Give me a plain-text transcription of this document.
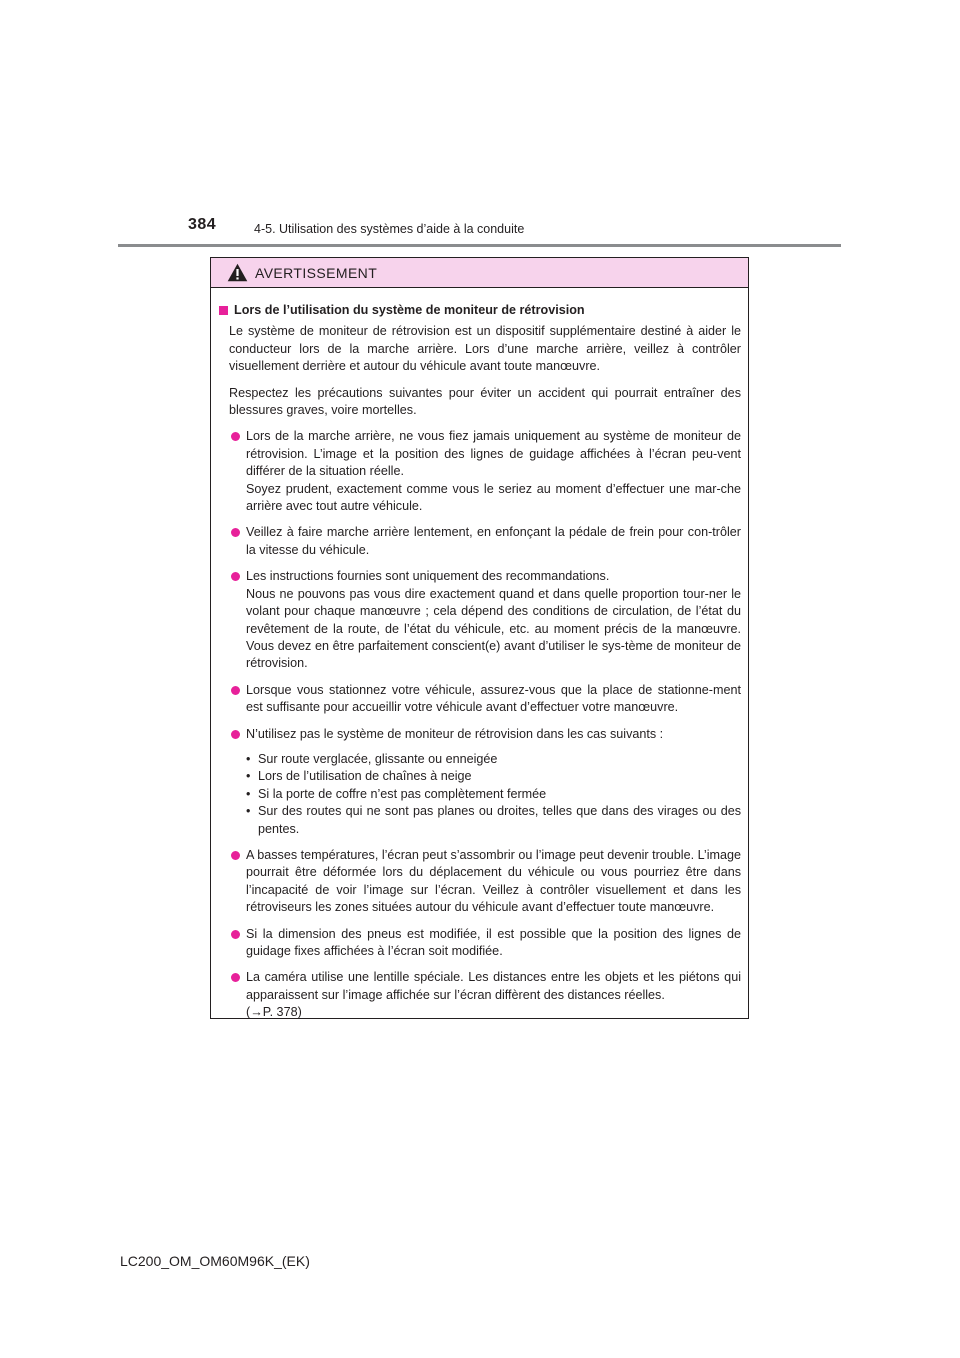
384	4-5. Utilisation des systèmes d’aide à la conduite
AVERTISSEMENT
Lors de l’utilisation du système de moniteur de rétrovision
Le système de moniteur de rétrovision est un dispositif supplémentaire destiné à aider le conducteur lors de la marche arrière. Lors d’une marche arrière, veillez à contrôler visuellement derrière et autour du véhicule avant toute manœuvre.
Respectez les précautions suivantes pour éviter un accident qui pourrait entraîner des blessures graves, voire mortelles.
Lors de la marche arrière, ne vous fiez jamais uniquement au système de moniteur de rétrovision. L’image et la position des lignes de guidage affichées à l’écran peu-vent différer de la situation réelle.
Soyez prudent, exactement comme vous le seriez au moment d’effectuer une mar-che arrière avec tout autre véhicule.
Veillez à faire marche arrière lentement, en enfonçant la pédale de frein pour con-trôler la vitesse du véhicule.
Les instructions fournies sont uniquement des recommandations.
Nous ne pouvons pas vous dire exactement quand et dans quelle proportion tour-ner le volant pour chaque manœuvre ; cela dépend des conditions de circulation, de l’état du revêtement de la route, de l’état du véhicule, etc. au moment précis de la manœuvre. Vous devez en être parfaitement conscient(e) avant d’utiliser le sys-tème de moniteur de rétrovision.
Lorsque vous stationnez votre véhicule, assurez-vous que la place de stationne-ment est suffisante pour accueillir votre véhicule avant d’effectuer votre manœuvre.
N’utilisez pas le système de moniteur de rétrovision dans les cas suivants :
• Sur route verglacée, glissante ou enneigée
• Lors de l’utilisation de chaînes à neige
• Si la porte de coffre n’est pas complètement fermée
• Sur des routes qui ne sont pas planes ou droites, telles que dans des virages ou des pentes.
A basses températures, l’écran peut s’assombrir ou l’image peut devenir trouble. L’image pourrait être déformée lors du déplacement du véhicule ou vous pourriez être dans l’incapacité de voir l’image sur l’écran. Veillez à contrôler visuellement et dans les rétroviseurs les zones situées autour du véhicule avant d’effectuer toute manœuvre.
Si la dimension des pneus est modifiée, il est possible que la position des lignes de guidage fixes affichées à l’écran soit modifiée.
La caméra utilise une lentille spéciale. Les distances entre les objets et les piétons qui apparaissent sur l’image affichée sur l’écran diffèrent des distances réelles.
(→P. 378)
LC200_OM_OM60M96K_(EK)
